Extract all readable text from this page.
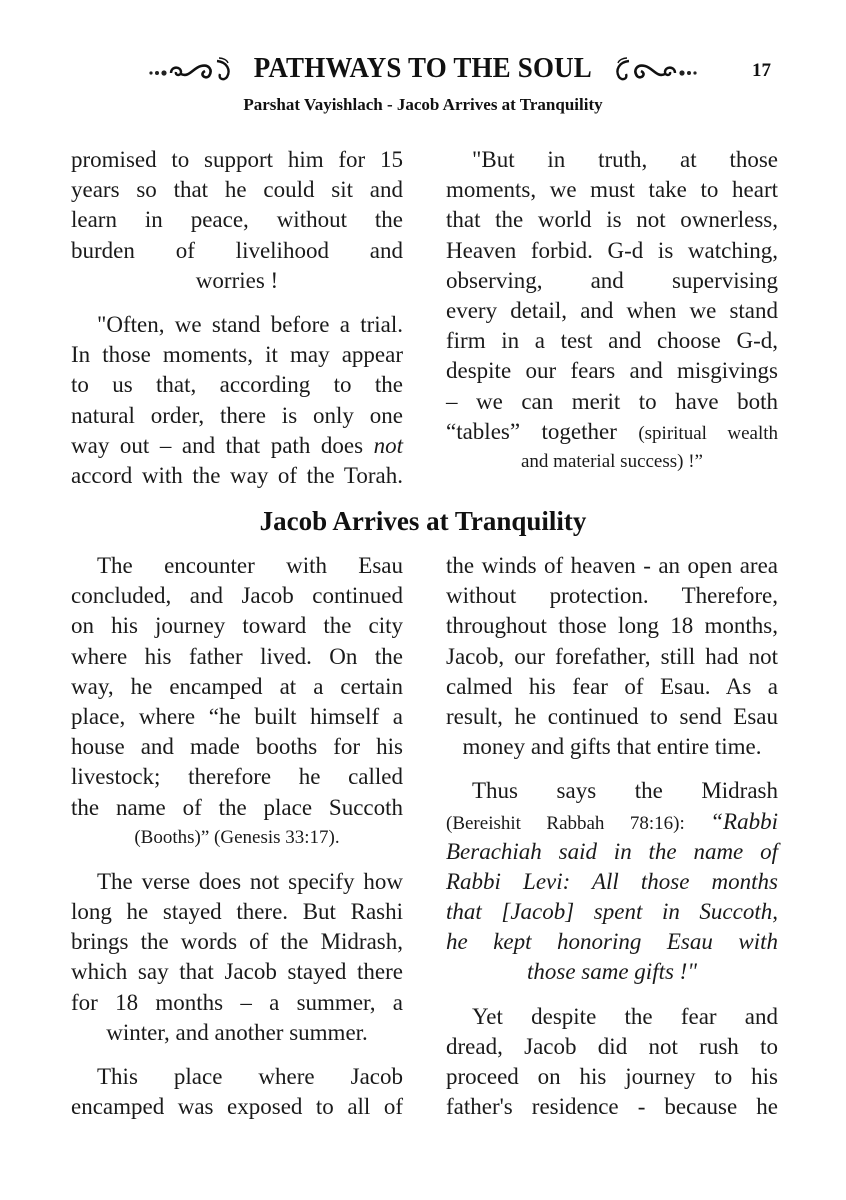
PATHWAYS TO THE SOUL	17
Parshat Vayishlach - Jacob Arrives at Tranquility

promised to support him for 15
years so that he could sit and
learn in peace, without the
burden of livelihood and
worries !

"Often, we stand before a trial.
In those moments, it may appear
to us that, according to the
natural order, there is only one
way out – and that path does not
accord with the way of the Torah.

"But in truth, at those
moments, we must take to heart
that the world is not ownerless,
Heaven forbid. G-d is watching,
observing, and supervising
every detail, and when we stand
firm in a test and choose G-d,
despite our fears and misgivings
– we can merit to have both
“tables” together (spiritual wealth
and material success) !”

Jacob Arrives at Tranquility

The encounter with Esau
concluded, and Jacob continued
on his journey toward the city
where his father lived. On the
way, he encamped at a certain
place, where “he built himself a
house and made booths for his
livestock; therefore he called
the name of the place Succoth
(Booths)” (Genesis 33:17).

The verse does not specify how
long he stayed there. But Rashi
brings the words of the Midrash,
which say that Jacob stayed there
for 18 months – a summer, a
winter, and another summer.

This place where Jacob
encamped was exposed to all of

the winds of heaven - an open area
without protection. Therefore,
throughout those long 18 months,
Jacob, our forefather, still had not
calmed his fear of Esau. As a
result, he continued to send Esau
money and gifts that entire time.

Thus says the Midrash
(Bereishit Rabbah 78:16): “Rabbi
Berachiah said in the name of
Rabbi Levi: All those months
that [Jacob] spent in Succoth,
he kept honoring Esau with
those same gifts !"

Yet despite the fear and
dread, Jacob did not rush to
proceed on his journey to his
father's residence - because he
